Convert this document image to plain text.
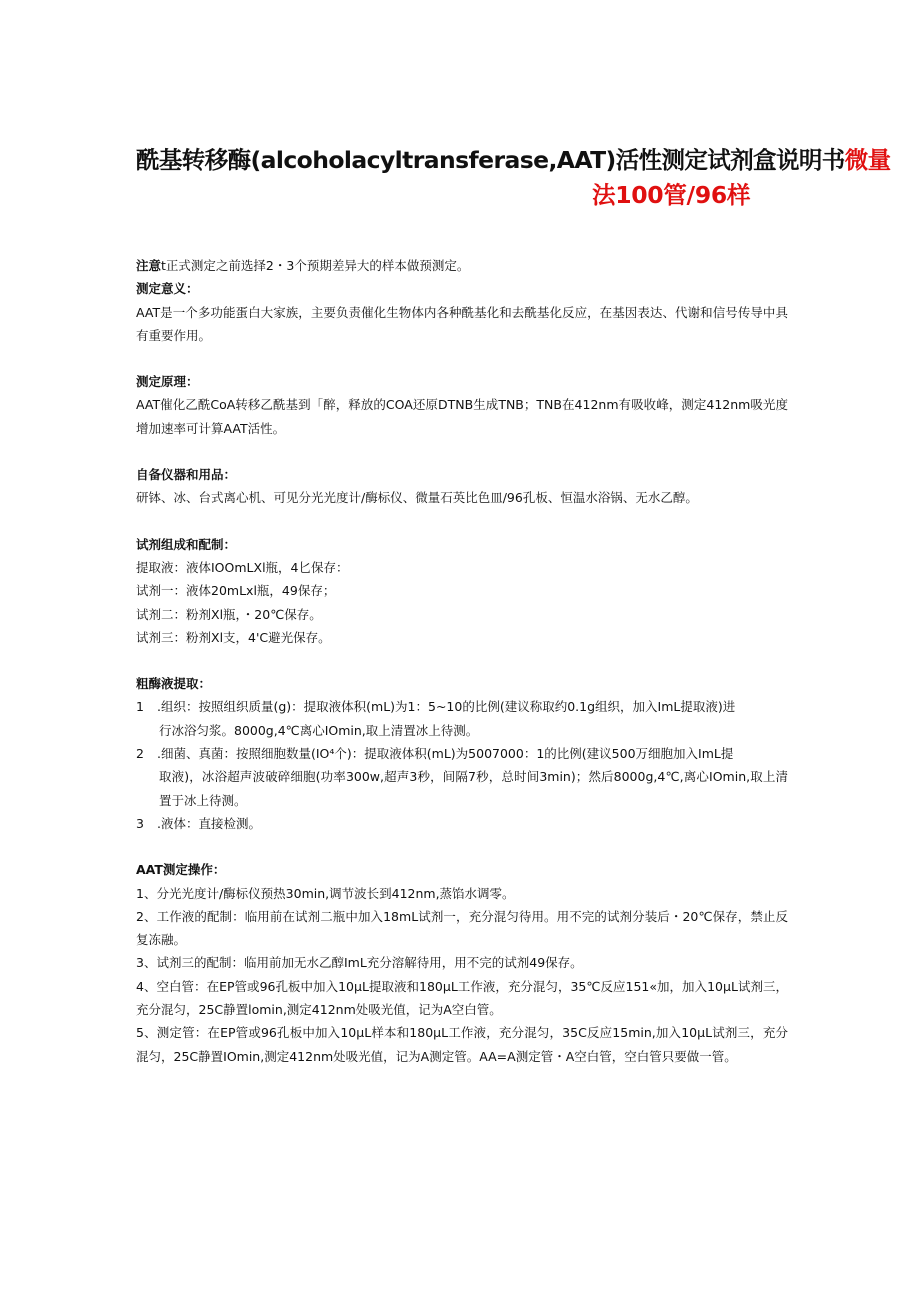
酰基转移酶(alcoholacyltransferase,AAT)活性测定试剂盒说明书微量
法100管/96样

注意t正式测定之前选择2・3个预期差异大的样本做预测定。

测定意义：

AAT是一个多功能蛋白大家族，主要负责催化生物体内各种酰基化和去酰基化反应，在基因表达、代谢和信号传导中具有重要作用。

测定原理：

AAT催化乙酰CoA转移乙酰基到「醉，释放的COA还原DTNB生成TNB；TNB在412nm有吸收峰，测定412nm吸光度增加速率可计算AAT活性。

自备仪器和用品：

研钵、冰、台式离心机、可见分光光度计/酶标仪、微量石英比色皿/96孔板、恒温水浴锅、无水乙醇。

试剂组成和配制：

提取液：液体IOOmLXl瓶，4匕保存：

试剂一：液体20mLxl瓶，49保存；

试剂二：粉剂Xl瓶，・20℃保存。

试剂三：粉剂Xl支，4'C避光保存。

粗酶液提取：

1	.组织：按照组织质量(g)：提取液体积(mL)为1：5~10的比例(建议称取约0.1g组织，加入ImL提取液)进

行冰浴匀浆。8000g,4℃离心IOmin,取上清置冰上待测。

2	.细菌、真菌：按照细胞数量(IO⁴个)：提取液体积(mL)为5007000：1的比例(建议500万细胞加入ImL提

取液)，冰浴超声波破碎细胞(功率300w,超声3秒，间隔7秒，总时间3min)；然后8000g,4℃,离心IOmin,取上清置于冰上待测。

3	.液体：直接检测。

AAT测定操作：

1、分光光度计/酶标仪预热30min,调节波长到412nm,蒸馅水调零。

2、工作液的配制：临用前在试剂二瓶中加入18mL试剂一，充分混匀待用。用不完的试剂分装后・20℃保存，禁止反复冻融。

3、试剂三的配制：临用前加无水乙醇ImL充分溶解待用，用不完的试剂49保存。

4、空白管：在EP管或96孔板中加入10μL提取液和180μL工作液，充分混匀，35℃反应151«加，加入10μL试剂三，充分混匀，25C静置lomin,测定412nm处吸光值，记为A空白管。

5、测定管：在EP管或96孔板中加入10μL样本和180μL工作液，充分混匀，35C反应15min,加入10μL试剂三，充分混匀，25C静置IOmin,测定412nm处吸光值，记为A测定管。AA=A测定管・A空白管，空白管只要做一管。
